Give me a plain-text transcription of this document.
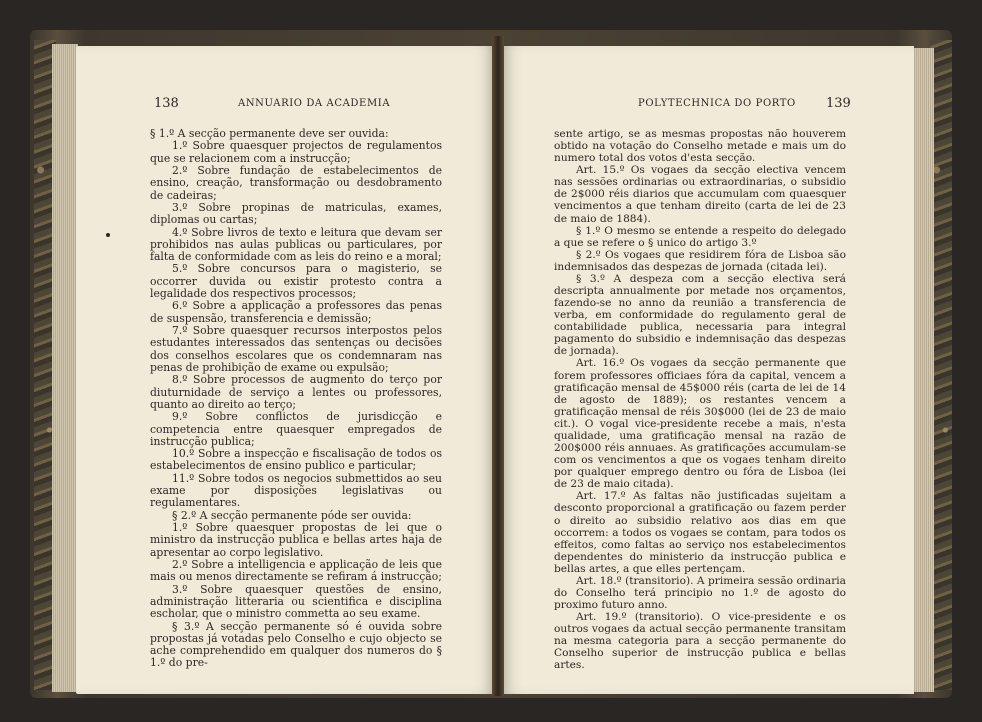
138	ANNUARIO DA ACADEMIA

§ 1.º A secção permanente deve ser ouvida:

1.º Sobre quaesquer projectos de regulamentos que se relacionem com a instrucção;

2.º Sobre fundação de estabelecimentos de ensino, creação, transformação ou desdobramento de cadeiras;

3.º Sobre propinas de matriculas, exames, diplomas ou cartas;

4.º Sobre livros de texto e leitura que devam ser prohibidos nas aulas publicas ou particulares, por falta de conformidade com as leis do reino e a moral;

5.º Sobre concursos para o magisterio, se occorrer duvida ou existir protesto contra a legalidade dos respectivos processos;

6.º Sobre a applicação a professores das penas de suspensão, transferencia e demissão;

7.º Sobre quaesquer recursos interpostos pelos estudantes interessados das sentenças ou decisões dos conselhos escolares que os condemnaram nas penas de prohibição de exame ou expulsão;

8.º Sobre processos de augmento do terço por diuturnidade de serviço a lentes ou professores, quanto ao direito ao terço;

9.º Sobre conflictos de jurisdicção e competencia entre quaesquer empregados de instrucção publica;

10.º Sobre a inspecção e fiscalisação de todos os estabelecimentos de ensino publico e particular;

11.º Sobre todos os negocios submettidos ao seu exame por disposições legislativas ou regulamentares.

§ 2.º A secção permanente póde ser ouvida:

1.º Sobre quaesquer propostas de lei que o ministro da instrucção publica e bellas artes haja de apresentar ao corpo legislativo.

2.º Sobre a intelligencia e applicação de leis que mais ou menos directamente se refiram á instrucção;

3.º Sobre quaesquer questões de ensino, administração litteraria ou scientifica e disciplina escholar, que o ministro commetta ao seu exame.

§ 3.º A secção permanente só é ouvida sobre propostas já votadas pelo Conselho e cujo objecto se ache comprehendido em qualquer dos numeros do § 1.º do pre-

POLYTECHNICA DO PORTO 139

sente artigo, se as mesmas propostas não houverem obtido na votação do Conselho metade e mais um do numero total dos votos d'esta secção.

Art. 15.º Os vogaes da secção electiva vencem nas sessões ordinarias ou extraordinarias, o subsidio de 2$000 réis diarios que accumulam com quaesquer vencimentos a que tenham direito (carta de lei de 23 de maio de 1884).

§ 1.º O mesmo se entende a respeito do delegado a que se refere o § unico do artigo 3.º

§ 2.º Os vogaes que residirem fóra de Lisboa são indemnisados das despezas de jornada (citada lei).

§ 3.º A despeza com a secção electiva será descripta annualmente por metade nos orçamentos, fazendo-se no anno da reunião a transferencia de verba, em conformidade do regulamento geral de contabilidade publica, necessaria para integral pagamento do subsidio e indemnisação das despezas de jornada).

Art. 16.º Os vogaes da secção permanente que forem professores officiaes fóra da capital, vencem a gratificação mensal de 45$000 réis (carta de lei de 14 de agosto de 1889); os restantes vencem a gratificação mensal de réis 30$000 (lei de 23 de maio cit.). O vogal vice-presidente recebe a mais, n'esta qualidade, uma gratificação mensal na razão de 200$000 réis annuaes. As gratificações accumulam-se com os vencimentos a que os vogaes tenham direito por qualquer emprego dentro ou fóra de Lisboa (lei de 23 de maio citada).

Art. 17.º As faltas não justificadas sujeitam a desconto proporcional a gratificação ou fazem perder o direito ao subsidio relativo aos dias em que occorrem: a todos os vogaes se contam, para todos os effeitos, como faltas ao serviço nos estabelecimentos dependentes do ministerio da instrucção publica e bellas artes, a que elles pertençam.

Art. 18.º (transitorio). A primeira sessão ordinaria do Conselho terá principio no 1.º de agosto do proximo futuro anno.

Art. 19.º (transitorio). O vice-presidente e os outros vogaes da actual secção permanente transitam na mesma categoria para a secção permanente do Conselho superior de instrucção publica e bellas artes.
